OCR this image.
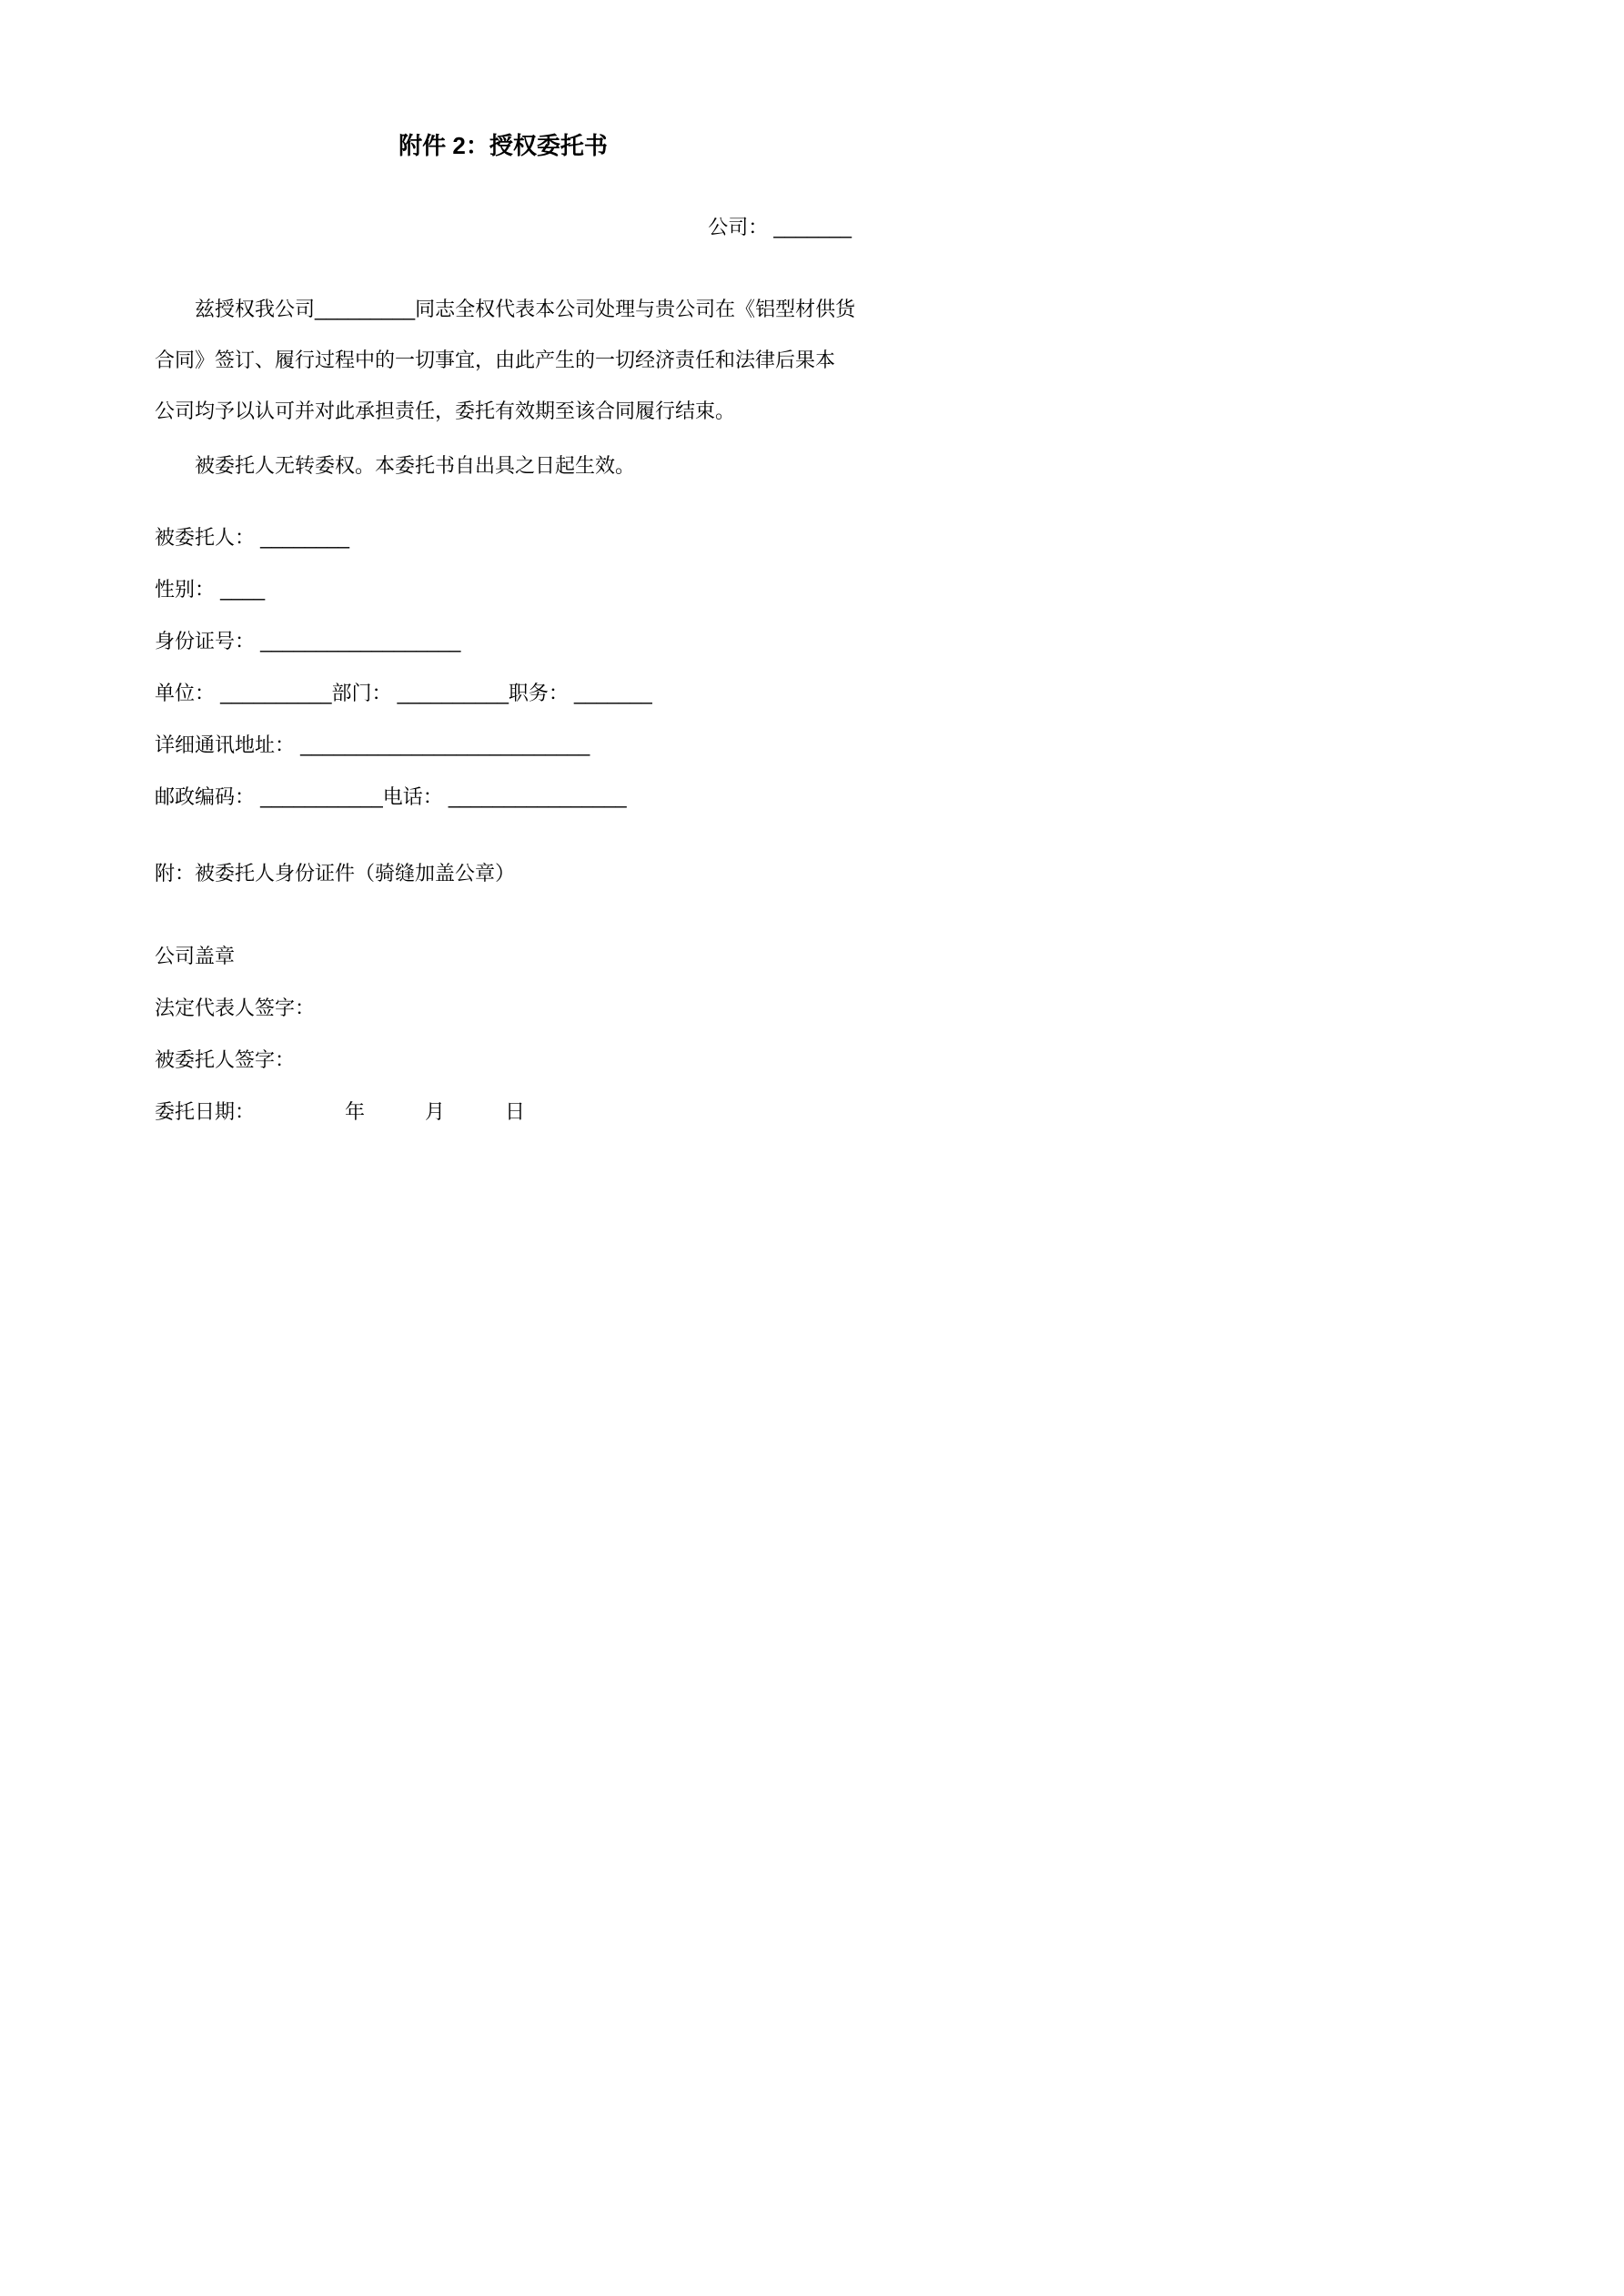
附件 2：授权委托书
公司： _______
兹授权我公司_________同志全权代表本公司处理与贵公司在《铝型材供货
合同》签订、履行过程中的一切事宜，由此产生的一切经济责任和法律后果本
公司均予以认可并对此承担责任，委托有效期至该合同履行结束。
被委托人无转委权。本委托书自出具之日起生效。
被委托人： ________
性别： ____
身份证号： __________________
单位： __________部门： __________职务： _______
详细通讯地址： __________________________
邮政编码： ___________电话： ________________
附：被委托人身份证件（骑缝加盖公章）
公司盖章
法定代表人签字：
被委托人签字：
委托日期：　　　　　年　　　月　　　日
